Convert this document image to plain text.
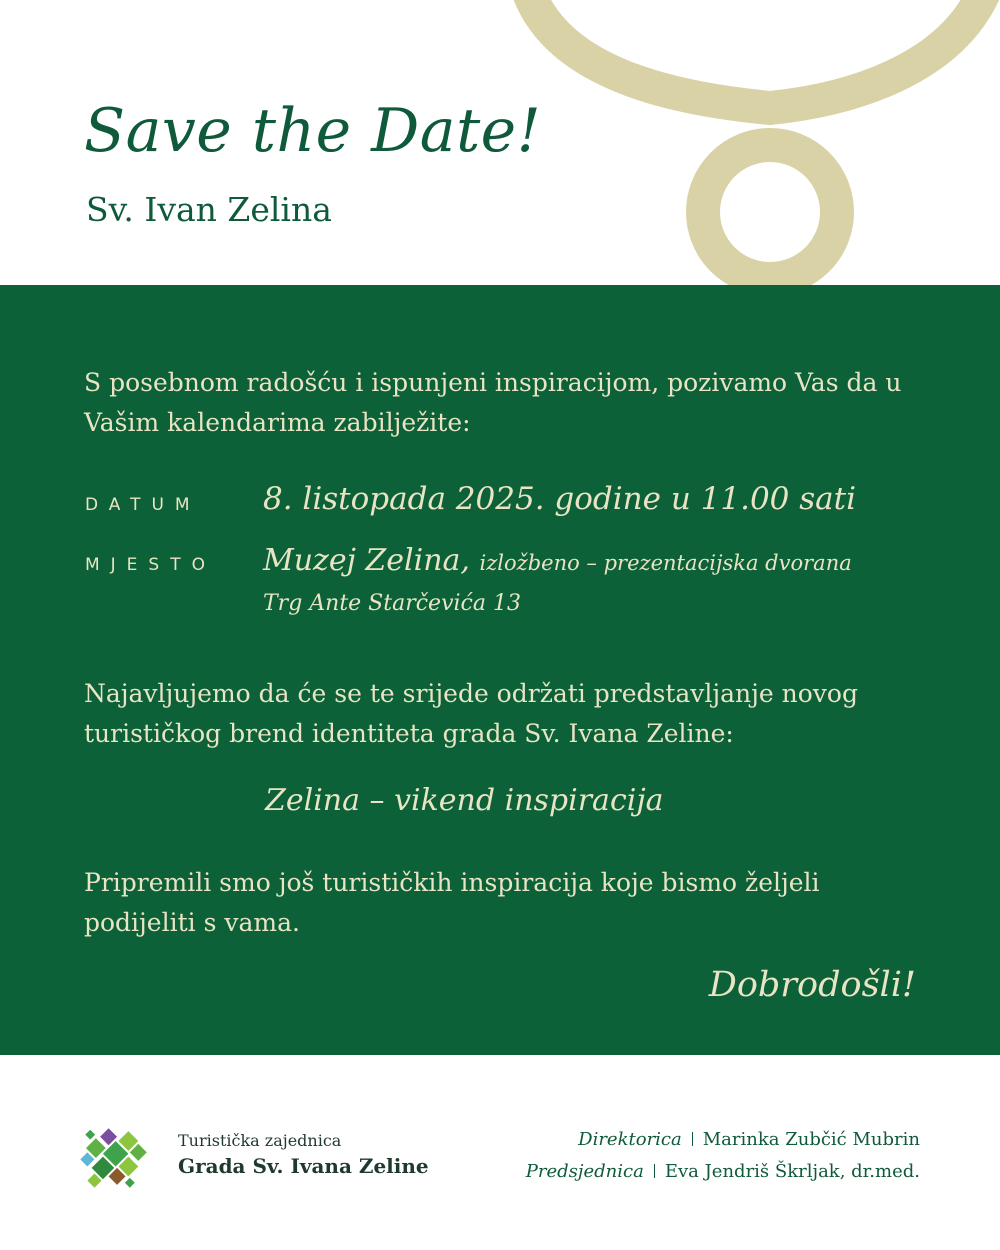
Save the Date!
Sv. Ivan Zelina

S posebnom radošću i ispunjeni inspiracijom, pozivamo Vas da u Vašim kalendarima zabilježite:

DATUM 8. listopada 2025. godine u 11.00 sati
MJESTO Muzej Zelina, izložbeno – prezentacijska dvorana
Trg Ante Starčevića 13

Najavljujemo da će se te srijede održati predstavljanje novog turističkog brend identiteta grada Sv. Ivana Zeline:

Zelina – vikend inspiracija

Pripremili smo još turističkih inspiracija koje bismo željeli podijeliti s vama.

Dobrodošli!
Turistička zajednica
Grada Sv. Ivana Zeline
Direktorica Marinka Zubčić Mubrin
Predsjednica Eva Jendriš Škrljak, dr.med.
